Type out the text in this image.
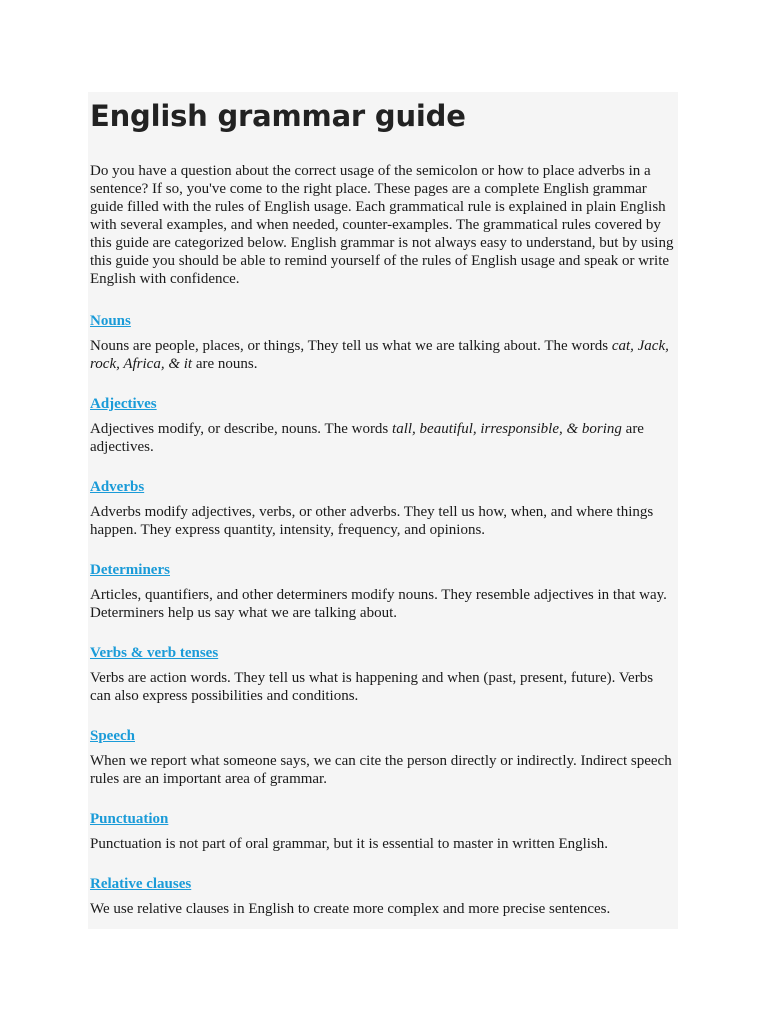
English grammar guide

Do you have a question about the correct usage of the semicolon or how to place adverbs in a sentence? If so, you've come to the right place. These pages are a complete English grammar guide filled with the rules of English usage. Each grammatical rule is explained in plain English with several examples, and when needed, counter-examples. The grammatical rules covered by this guide are categorized below. English grammar is not always easy to understand, but by using this guide you should be able to remind yourself of the rules of English usage and speak or write English with confidence.

Nouns

Nouns are people, places, or things, They tell us what we are talking about. The words cat, Jack, rock, Africa, & it are nouns.

Adjectives

Adjectives modify, or describe, nouns. The words tall, beautiful, irresponsible, & boring are adjectives.

Adverbs

Adverbs modify adjectives, verbs, or other adverbs. They tell us how, when, and where things happen. They express quantity, intensity, frequency, and opinions.

Determiners

Articles, quantifiers, and other determiners modify nouns. They resemble adjectives in that way. Determiners help us say what we are talking about.

Verbs & verb tenses

Verbs are action words. They tell us what is happening and when (past, present, future). Verbs can also express possibilities and conditions.

Speech

When we report what someone says, we can cite the person directly or indirectly. Indirect speech rules are an important area of grammar.

Punctuation

Punctuation is not part of oral grammar, but it is essential to master in written English.

Relative clauses

We use relative clauses in English to create more complex and more precise sentences.
